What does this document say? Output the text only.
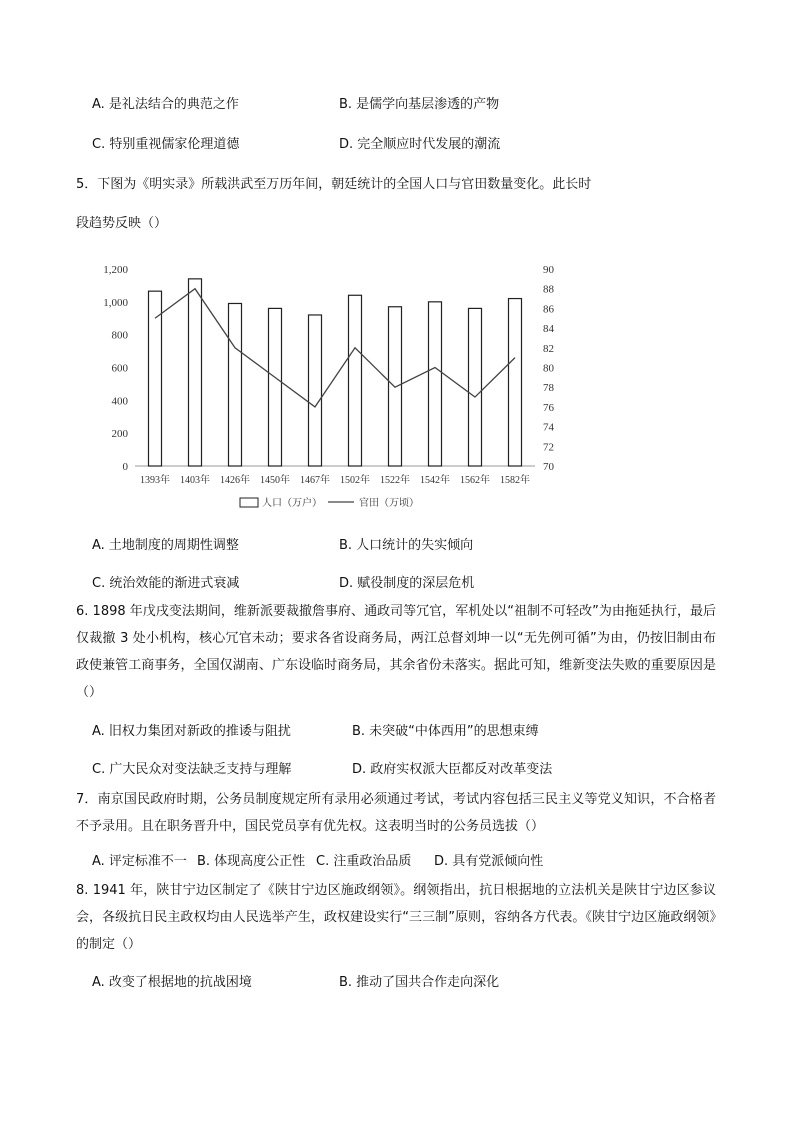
A. 是礼法结合的典范之作	B. 是儒学向基层渗透的产物
C. 特别重视儒家伦理道德	D. 完全顺应时代发展的潮流
5．下图为《明实录》所载洪武至万历年间，朝廷统计的全国人口与官田数量变化。此长时
段趋势反映（）
0
200
400
600
800
1,000
1,200
70
72
74
76
78
80
82
84
86
88
90
1393年 1403年 1426年 1450年 1467年 1502年 1522年 1542年 1562年 1582年
人口（万户）	官田（万顷）
A. 土地制度的周期性调整	B. 人口统计的失实倾向
C. 统治效能的渐进式衰减	D. 赋役制度的深层危机
6. 1898 年戊戌变法期间，维新派要裁撤詹事府、通政司等冗官，军机处以“祖制不可轻改”为由拖延执行，最后仅裁撤 3 处小机构，核心冗官未动；要求各省设商务局，两江总督刘坤一以“无先例可循”为由，仍按旧制由布政使兼管工商事务，全国仅湖南、广东设临时商务局，其余省份未落实。据此可知，维新变法失败的重要原因是（）
A. 旧权力集团对新政的推诿与阻扰	B. 未突破“中体西用”的思想束缚
C. 广大民众对变法缺乏支持与理解	D. 政府实权派大臣都反对改革变法
7．南京国民政府时期，公务员制度规定所有录用必须通过考试，考试内容包括三民主义等党义知识，不合格者不予录用。且在职务晋升中，国民党员享有优先权。这表明当时的公务员选拔（）
A. 评定标准不一 B. 体现高度公正性 C. 注重政治品质 D. 具有党派倾向性
8. 1941 年，陕甘宁边区制定了《陕甘宁边区施政纲领》。纲领指出，抗日根据地的立法机关是陕甘宁边区参议会，各级抗日民主政权均由人民选举产生，政权建设实行“三三制”原则，容纳各方代表。《陕甘宁边区施政纲领》的制定（）
A. 改变了根据地的抗战困境	B. 推动了国共合作走向深化
